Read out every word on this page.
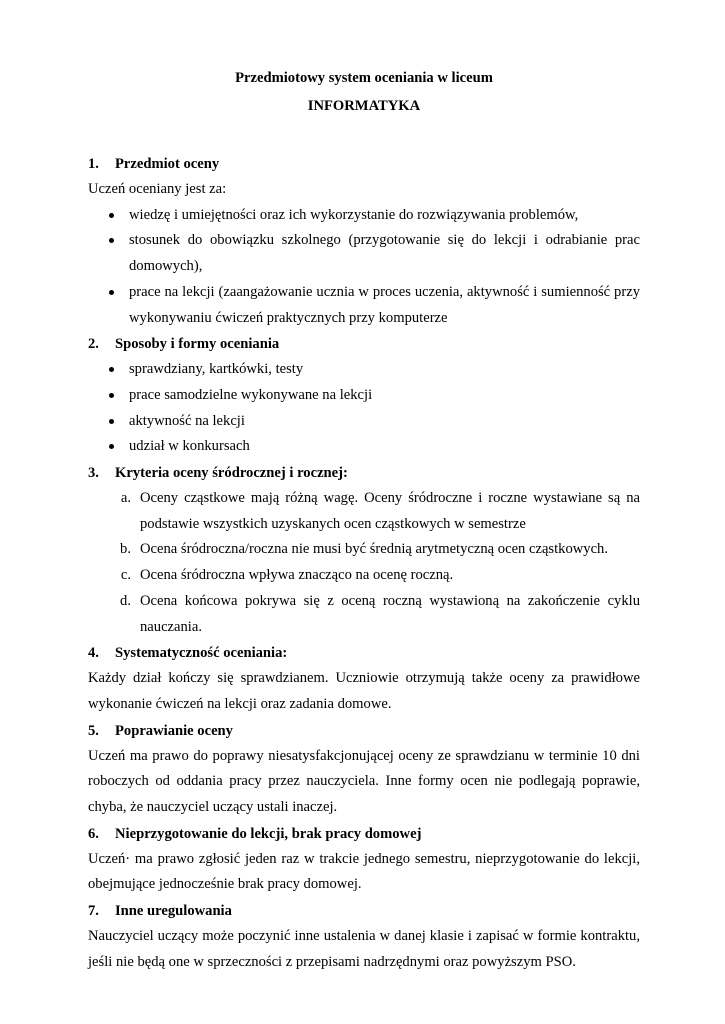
Przedmiotowy system oceniania w liceum

INFORMATYKA

1.	Przedmiot oceny

Uczeń oceniany jest za:

wiedzę i umiejętności oraz ich wykorzystanie do rozwiązywania problemów,
stosunek do obowiązku szkolnego (przygotowanie się do lekcji i odrabianie prac domowych),
prace na lekcji (zaangażowanie ucznia w proces uczenia, aktywność i sumienność przy wykonywaniu ćwiczeń praktycznych przy komputerze
2.	Sposoby i formy oceniania
sprawdziany, kartkówki, testy
prace samodzielne wykonywane na lekcji
aktywność na lekcji
udział w konkursach
3.	Kryteria oceny śródrocznej i rocznej:
a. Oceny cząstkowe mają różną wagę. Oceny śródroczne i roczne wystawiane są na podstawie wszystkich uzyskanych ocen cząstkowych w semestrze
b. Ocena śródroczna/roczna nie musi być średnią arytmetyczną ocen cząstkowych.
c. Ocena śródroczna wpływa znacząco na ocenę roczną.
d. Ocena końcowa pokrywa się z oceną roczną wystawioną na zakończenie cyklu nauczania.
4.	Systematyczność oceniania:

Każdy dział kończy się sprawdzianem. Uczniowie otrzymują także oceny za prawidłowe wykonanie ćwiczeń na lekcji oraz zadania domowe.

5.	Poprawianie oceny

Uczeń ma prawo do poprawy niesatysfakcjonującej oceny ze sprawdzianu w terminie 10 dni roboczych od oddania pracy przez nauczyciela. Inne formy ocen nie podlegają poprawie, chyba, że nauczyciel uczący ustali inaczej.

6.	Nieprzygotowanie do lekcji, brak pracy domowej

Uczeń· ma prawo zgłosić jeden raz w trakcie jednego semestru, nieprzygotowanie do lekcji, obejmujące jednocześnie brak pracy domowej.

7.	Inne uregulowania

Nauczyciel uczący może poczynić inne ustalenia w danej klasie i zapisać w formie kontraktu, jeśli nie będą one w sprzeczności z przepisami nadrzędnymi oraz powyższym PSO.
